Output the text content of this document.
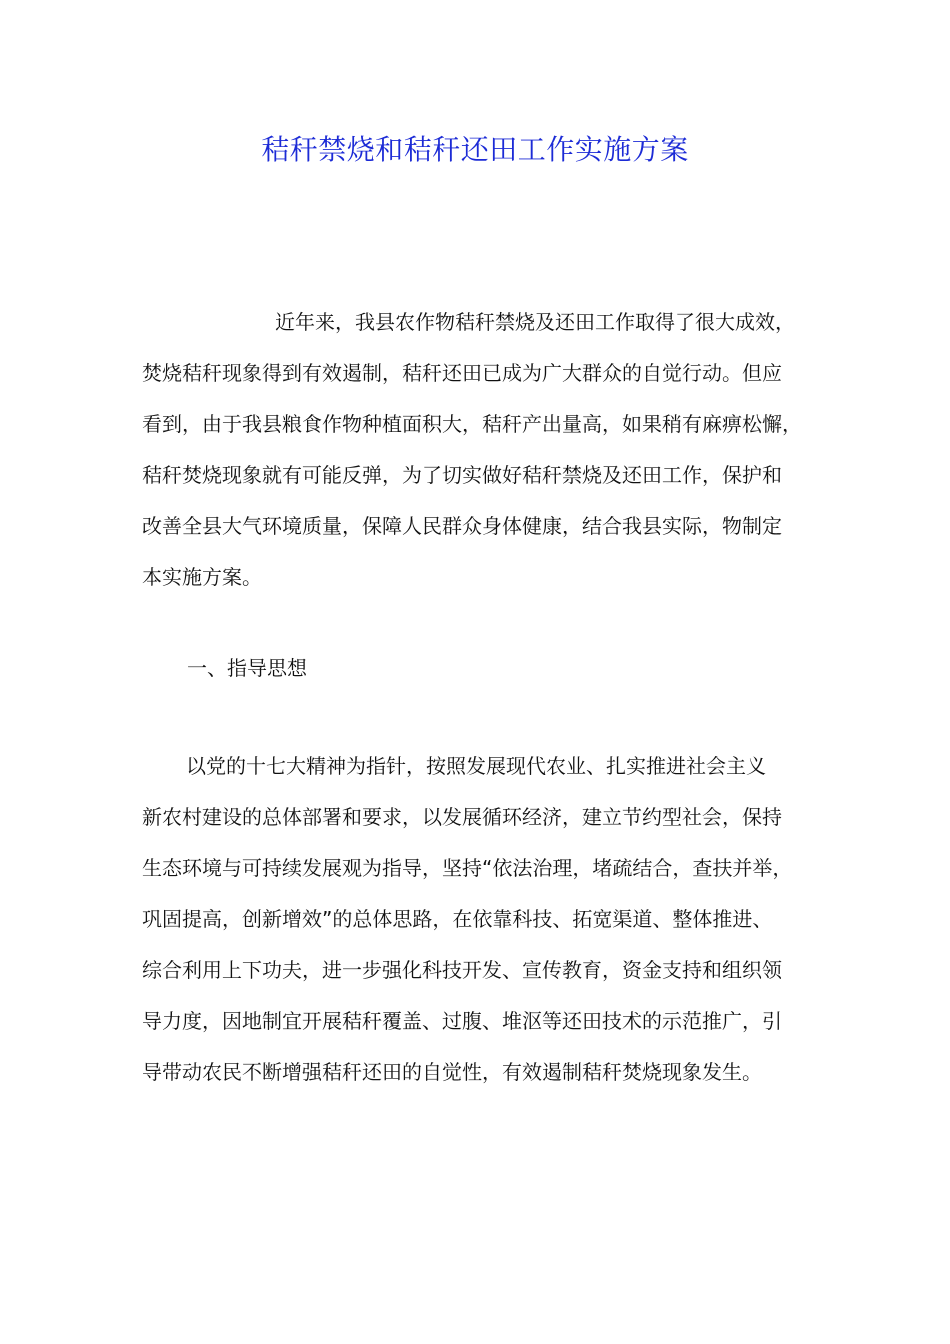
秸秆禁烧和秸秆还田工作实施方案
近年来，我县农作物秸秆禁烧及还田工作取得了很大成效，
焚烧秸秆现象得到有效遏制，秸秆还田已成为广大群众的自觉行动。但应
看到，由于我县粮食作物种植面积大，秸秆产出量高，如果稍有麻痹松懈，
秸秆焚烧现象就有可能反弹，为了切实做好秸秆禁烧及还田工作，保护和
改善全县大气环境质量，保障人民群众身体健康，结合我县实际，物制定
本实施方案。
一、指导思想
以党的十七大精神为指针，按照发展现代农业、扎实推进社会主义
新农村建设的总体部署和要求，以发展循环经济，建立节约型社会，保持
生态环境与可持续发展观为指导，坚持“依法治理，堵疏结合，查扶并举，
巩固提高，创新增效”的总体思路，在依靠科技、拓宽渠道、整体推进、
综合利用上下功夫，进一步强化科技开发、宣传教育，资金支持和组织领
导力度，因地制宜开展秸秆覆盖、过腹、堆沤等还田技术的示范推广，引
导带动农民不断增强秸秆还田的自觉性，有效遏制秸秆焚烧现象发生。
